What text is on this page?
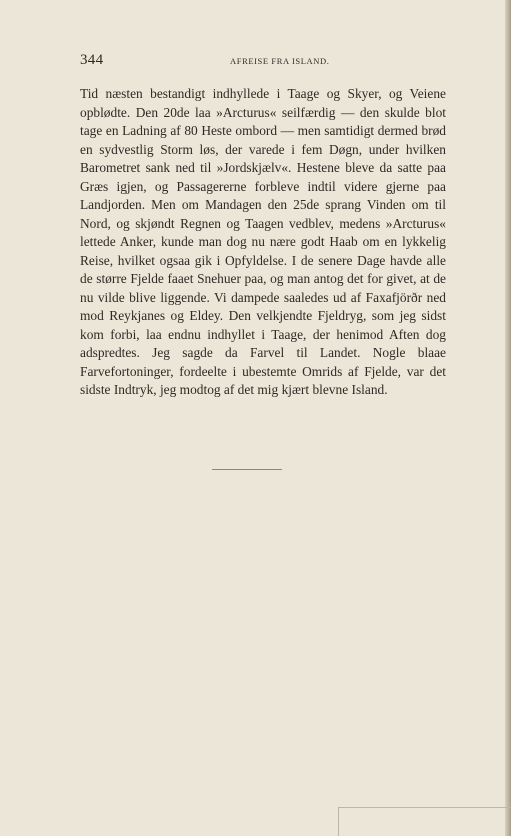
344	AFREISE FRA ISLAND.

Tid næsten bestandigt indhyllede i Taage og Skyer, og Veiene opblødte. Den 20de laa »Arcturus« seilfærdig — den skulde blot tage en Ladning af 80 Heste ombord — men samtidigt dermed brød en sydvestlig Storm løs, der varede i fem Døgn, under hvilken Barometret sank ned til »Jordskjælv«. Hestene bleve da satte paa Græs igjen, og Passagererne forbleve indtil videre gjerne paa Landjorden. Men om Mandagen den 25de sprang Vinden om til Nord, og skjøndt Regnen og Taagen vedblev, medens »Arcturus« lettede Anker, kunde man dog nu nære godt Haab om en lykkelig Reise, hvilket ogsaa gik i Opfyldelse. I de senere Dage havde alle de større Fjelde faaet Snehuer paa, og man antog det for givet, at de nu vilde blive liggende. Vi dampede saaledes ud af Faxafjörðr ned mod Reykjanes og Eldey. Den velkjendte Fjeldryg, som jeg sidst kom forbi, laa endnu indhyllet i Taage, der henimod Aften dog adspredtes. Jeg sagde da Farvel til Landet. Nogle blaae Farvefortoninger, fordeelte i ubestemte Omrids af Fjelde, var det sidste Indtryk, jeg modtog af det mig kjært blevne Island.
